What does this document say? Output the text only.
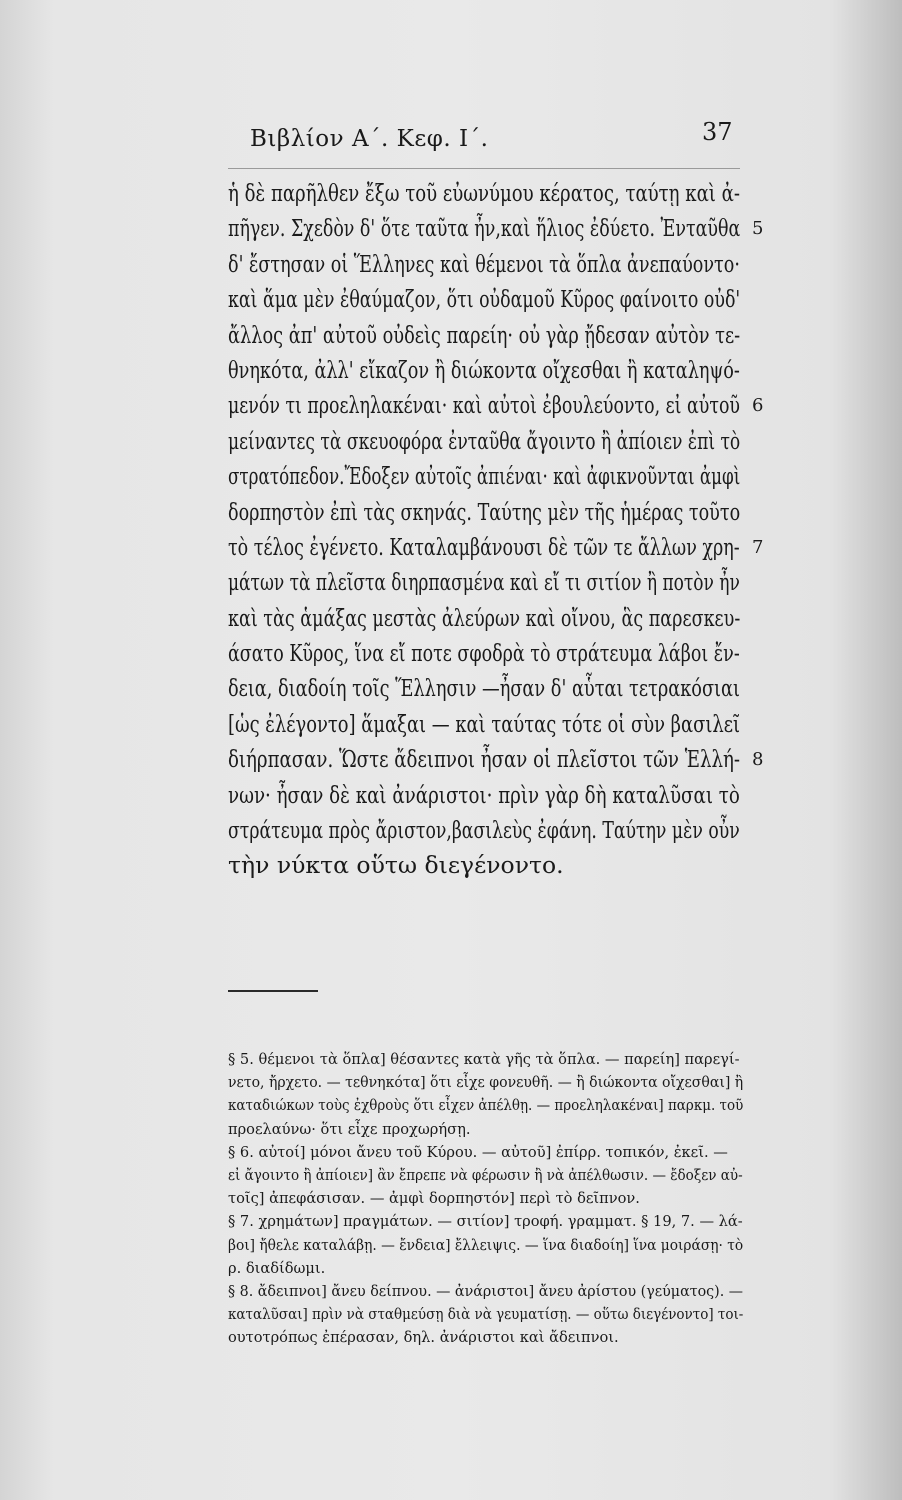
Βιβλίον Α΄. Κεφ. Ι΄.	37
ἡ δὲ παρῆλθεν ἔξω τοῦ εὐωνύμου κέρατος, ταύτῃ καὶ ἀ-
πῆγεν. Σχεδὸν δ' ὅτε ταῦτα ἦν,καὶ ἥλιος ἐδύετο. Ἐνταῦθα 5
δ' ἔστησαν οἱ Ἕλληνες καὶ θέμενοι τὰ ὅπλα ἀνεπαύοντο·
καὶ ἅμα μὲν ἐθαύμαζον, ὅτι οὐδαμοῦ Κῦρος φαίνοιτο οὐδ'
ἄλλος ἀπ' αὐτοῦ οὐδεὶς παρείη· οὐ γὰρ ᾔδεσαν αὐτὸν τε-
θνηκότα, ἀλλ' εἴκαζον ἢ διώκοντα οἴχεσθαι ἢ καταληψό-
μενόν τι προεληλακέναι· καὶ αὐτοὶ ἐβουλεύοντο, εἰ αὐτοῦ 6
μείναντες τὰ σκευοφόρα ἐνταῦθα ἄγοιντο ἢ ἀπίοιεν ἐπὶ τὸ
στρατόπεδον.Ἔδοξεν αὐτοῖς ἀπιέναι· καὶ ἀφικνοῦνται ἀμφὶ
δορπηστὸν ἐπὶ τὰς σκηνάς. Ταύτης μὲν τῆς ἡμέρας τοῦτο
τὸ τέλος ἐγένετο. Καταλαμβάνουσι δὲ τῶν τε ἄλλων χρη- 7
μάτων τὰ πλεῖστα διηρπασμένα καὶ εἴ τι σιτίον ἢ ποτὸν ἦν
καὶ τὰς ἁμάξας μεστὰς ἀλεύρων καὶ οἴνου, ἃς παρεσκευ-
άσατο Κῦρος, ἵνα εἴ ποτε σφοδρὰ τὸ στράτευμα λάβοι ἔν-
δεια, διαδοίη τοῖς Ἕλλησιν —ἦσαν δ' αὗται τετρακόσιαι
[ὡς ἐλέγοντο] ἅμαξαι — καὶ ταύτας τότε οἱ σὺν βασιλεῖ
διήρπασαν. Ὥστε ἄδειπνοι ἦσαν οἱ πλεῖστοι τῶν Ἑλλή- 8
νων· ἦσαν δὲ καὶ ἀνάριστοι· πρὶν γὰρ δὴ καταλῦσαι τὸ
στράτευμα πρὸς ἄριστον,βασιλεὺς ἐφάνη. Ταύτην μὲν οὖν
τὴν νύκτα οὕτω διεγένοντο.
§ 5. θέμενοι τὰ ὅπλα] θέσαντες κατὰ γῆς τὰ ὅπλα. — παρείη] παρεγί-
νετο, ἤρχετο. — τεθνηκότα] ὅτι εἶχε φονευθῆ. — ἢ διώκοντα οἴχεσθαι] ἢ
καταδιώκων τοὺς ἐχθροὺς ὅτι εἶχεν ἀπέλθῃ. — προεληλακέναι] παρκμ. τοῦ
προελαύνω· ὅτι εἶχε προχωρήσῃ.
§ 6. αὐτοί] μόνοι ἄνευ τοῦ Κύρου. — αὐτοῦ] ἐπίρρ. τοπικόν, ἐκεῖ. —
εἰ ἄγοιντο ἢ ἀπίοιεν] ἂν ἔπρεπε νὰ φέρωσιν ἢ νὰ ἀπέλθωσιν. — ἔδοξεν αὐ-
τοῖς] ἀπεφάσισαν. — ἀμφὶ δορπηστόν] περὶ τὸ δεῖπνον.
§ 7. χρημάτων] πραγμάτων. — σιτίον] τροφή. γραμματ. § 19, 7. — λά-
βοι] ἤθελε καταλάβῃ. — ἔνδεια] ἔλλειψις. — ἵνα διαδοίη] ἵνα μοιράσῃ· τὸ
ρ. διαδίδωμι.
§ 8. ἄδειπνοι] ἄνευ δείπνου. — ἀνάριστοι] ἄνευ ἀρίστου (γεύματος). —
καταλῦσαι] πρὶν νὰ σταθμεύσῃ διὰ νὰ γευματίσῃ. — οὕτω διεγένοντο] τοι-
ουτοτρόπως ἐπέρασαν, δηλ. ἀνάριστοι καὶ ἄδειπνοι.
